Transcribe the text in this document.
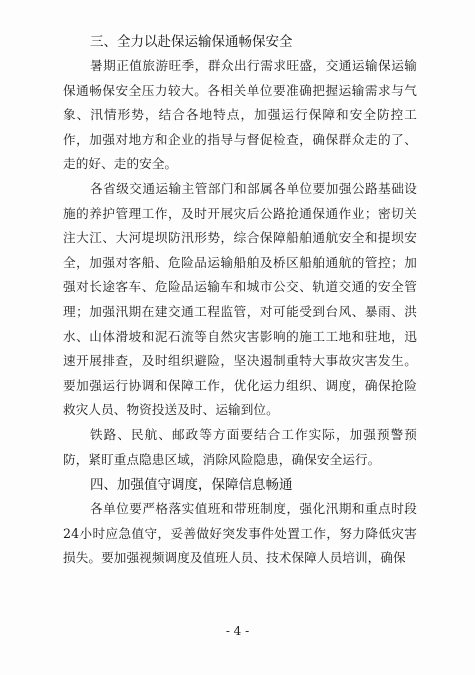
三、全力以赴保运输保通畅保安全

暑期正值旅游旺季，群众出行需求旺盛，交通运输保运输保通畅保安全压力较大。各相关单位要准确把握运输需求与气象、汛情形势，结合各地特点，加强运行保障和安全防控工作，加强对地方和企业的指导与督促检查，确保群众走的了、走的好、走的安全。

各省级交通运输主管部门和部属各单位要加强公路基础设施的养护管理工作，及时开展灾后公路抢通保通作业；密切关注大江、大河堤坝防汛形势，综合保障船舶通航安全和提坝安全，加强对客船、危险品运输船舶及桥区船舶通航的管控；加强对长途客车、危险品运输车和城市公交、轨道交通的安全管理；加强汛期在建交通工程监管，对可能受到台风、暴雨、洪水、山体滑坡和泥石流等自然灾害影响的施工工地和驻地，迅速开展排查，及时组织避险，坚决遏制重特大事故灾害发生。要加强运行协调和保障工作，优化运力组织、调度，确保抢险救灾人员、物资投送及时、运输到位。

铁路、民航、邮政等方面要结合工作实际，加强预警预防，紧盯重点隐患区域，消除风险隐患，确保安全运行。

四、加强值守调度，保障信息畅通

各单位要严格落实值班和带班制度，强化汛期和重点时段24小时应急值守，妥善做好突发事件处置工作，努力降低灾害损失。要加强视频调度及值班人员、技术保障人员培训，确保

- 4 -
